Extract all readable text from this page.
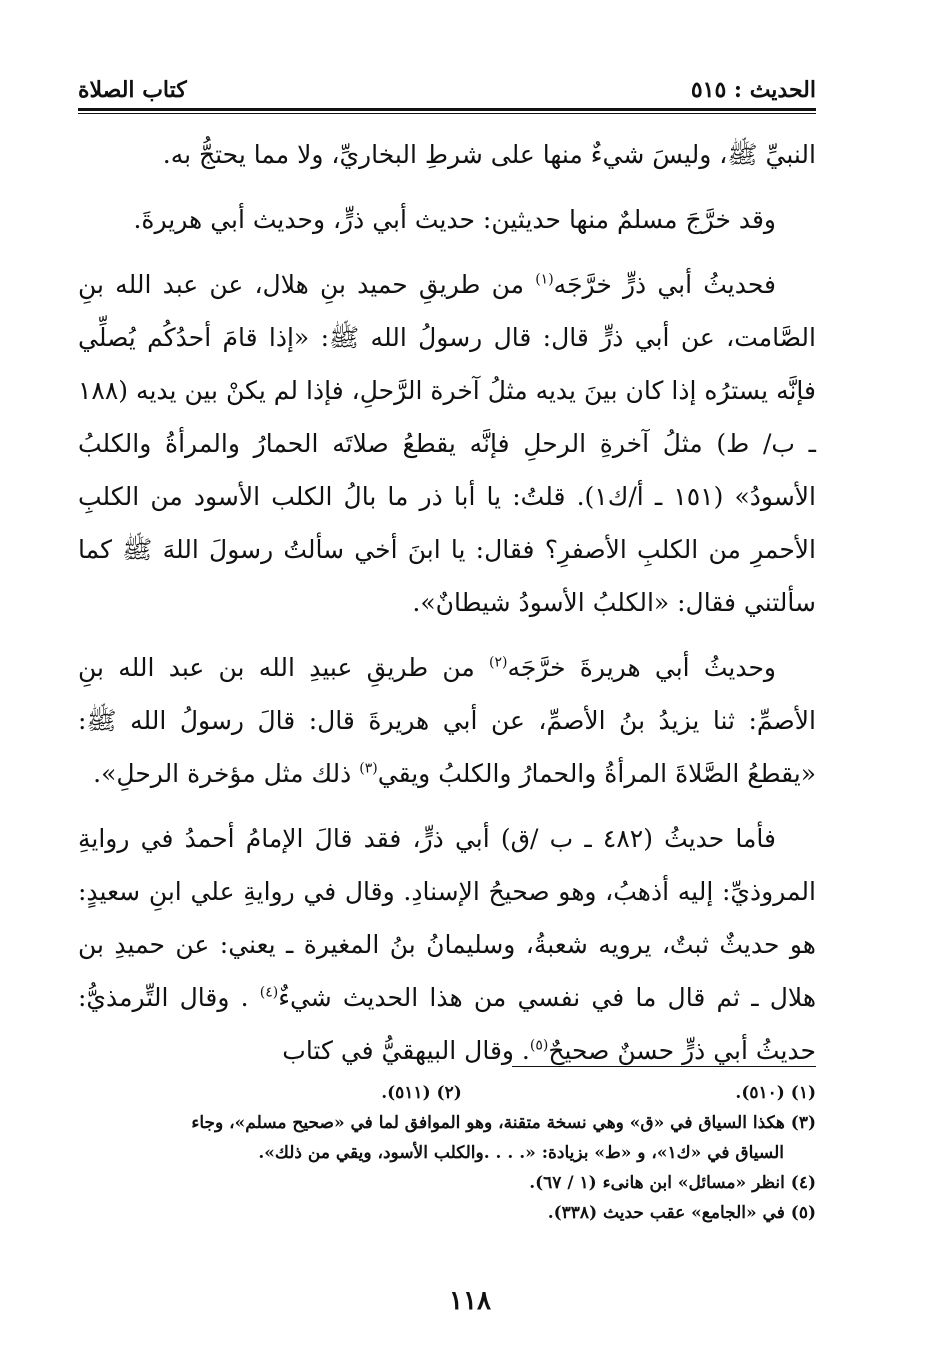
الحديث : ٥١٥
كتاب الصلاة

النبيِّ ﷺ، وليسَ شيءٌ منها على شرطِ البخاريِّ، ولا مما يحتجُّ به.

وقد خرَّجَ مسلمٌ منها حديثين: حديث أبي ذرٍّ، وحديث أبي هريرةَ.

فحديثُ أبي ذرٍّ خرَّجَه$^{(١)}$ من طريقِ حميد بنِ هلال، عن عبد الله بنِ الصَّامت، عن أبي ذرٍّ قال: قال رسولُ الله ﷺ: «إذا قامَ أحدُكُم يُصلِّي فإنَّه يسترُه إذا كان بينَ يديه مثلُ آخرة الرَّحلِ، فإذا لم يكنْ بين يديه (١٨٨ ـ ب/ ط) مثلُ آخرةِ الرحلِ فإنَّه يقطعُ صلاتَه الحمارُ والمرأةُ والكلبُ الأسودُ» (١٥١ ـ أ/ك١). قلتُ: يا أبا ذر ما بالُ الكلب الأسود من الكلبِ الأحمرِ من الكلبِ الأصفرِ؟ فقال: يا ابنَ أخي سألتُ رسولَ اللهَ ﷺ كما سألتني فقال: «الكلبُ الأسودُ شيطانٌ».

وحديثُ أبي هريرةَ خرَّجَه$^{(٢)}$ من طريقِ عبيدِ الله بن عبد الله بنِ الأصمِّ: ثنا يزيدُ بنُ الأصمِّ، عن أبي هريرةَ قال: قالَ رسولُ الله ﷺ: «يقطعُ الصَّلاةَ المرأةُ والحمارُ والكلبُ ويقي$^{(٣)}$ ذلك مثل مؤخرة الرحلِ».

فأما حديثُ (٤٨٢ ـ ب /ق) أبي ذرٍّ، فقد قالَ الإمامُ أحمدُ في روايةِ المروذيِّ: إليه أذهبُ، وهو صحيحُ الإسنادِ. وقال في روايةِ علي ابنِ سعيدٍ: هو حديثٌ ثبتٌ، يرويه شعبةُ، وسليمانُ بنُ المغيرة ـ يعني: عن حميدِ بن هلال ـ ثم قال ما في نفسي من هذا الحديث شيءٌ$^{(٤)}$ . وقال التِّرمذيُّ: حديثُ أبي ذرٍّ حسنٌ صحيحٌ$^{(٥)}$. وقال البيهقيُّ في كتاب

(١) (٥١٠).
(٢) (٥١١).
(٣) هكذا السياق في «ق» وهي نسخة متقنة، وهو الموافق لما في «صحيح مسلم»، وجاء
السياق في «ك١»، و «ط» بزيادة: «. . . .والكلب الأسود، ويقي من ذلك».
(٤) انظر «مسائل» ابن هانىء (١ / ٦٧).
(٥) في «الجامع» عقب حديث (٣٣٨).
١١٨
